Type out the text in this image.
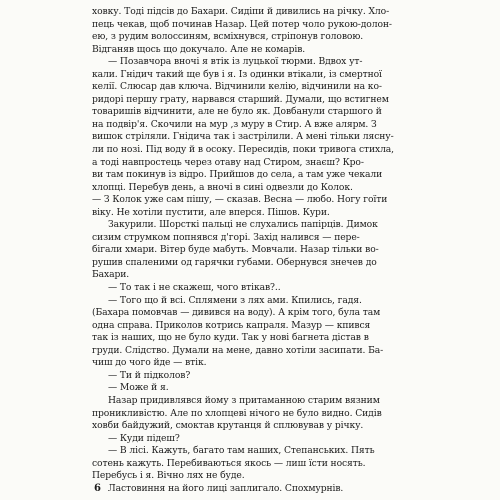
ховку. Тоді підсів до Бахари. Сидіпи й дивились на річку. Хло-
пець чекав, щоб починав Назар. Цей потер чоло рукою-долон-
ею, з рудим волоссиням, всміхнувся, стріпонув головою.
Відганяв щось що докучало. Але не комарів.
— Позавчора вночі я втік із луцької тюрми. Вдвох ут-
кали. Гнідич такий ще був і я. Із одинки втікали, із смертної
келії. Слюсар дав ключа. Відчинили келію, відчинили на ко-
ридорі першу грату, нарвався старший. Думали, що встигнем
товаришів відчинити, але не було як. Довбанули старшого й
на подвір'я. Скочили на мур ,з муру в Стир. А вже алярм. З
вишок стріляли. Гнідича так і застрілили. А мені тільки лясну-
ли по нозі. Під воду й в осоку. Пересидів, поки тривога стихла,
а тоді навпростець через отаву над Стиром, знаєш? Кро-
ви там покинув із відро. Прийшов до села, а там уже чекали
хлопці. Перебув день, а вночі в сині одвезли до Колок.
— З Колок уже сам пішу, — сказав. Весна — любо. Ногу гоїти
віку. Не хотіли пустити, але вперся. Пішов. Кури.
Закурили. Шорсткі пальці не слухались папірців. Димок
сизим струмком попнявся д'горі. Захід налився — пере-
бігали хмари. Вітер буде мабуть. Мовчали. Назар тільки во-
рушив спаленими од гарячки губами. Обернувся знечев до
Бахари.
— То так і не скажеш, чого втікав?..
— Того що й всі. Сплямени з лях ами. Кпились, гадя.
(Бахара помовчав — дивився на воду). А крім того, була там
одна справа. Приколов котрись капраля. Мазур — кпився
так із наших, що не було куди. Так у нові багнета дістав в
груди. Слідство. Думали на мене, давно хотіли засипати. Ба-
чиш до чого йде — втік.
— Ти й підколов?
— Може й я.
Назар придивлявся йому з притаманною старим вязним
проникливістю. Але по хлопцеві нічого не було видно. Сидів
ховби байдужий, смоктав крутанця й сплювував у річку.
— Куди підеш?
— В лісі. Кажуть, багато там наших, Степанських. Пять
сотень кажуть. Перебиваються якось — лиш їсти носять.
Перебусь і я. Вічно лях не буде.
Ластовиння на його лиці заплигало. Спохмурнів.
6
